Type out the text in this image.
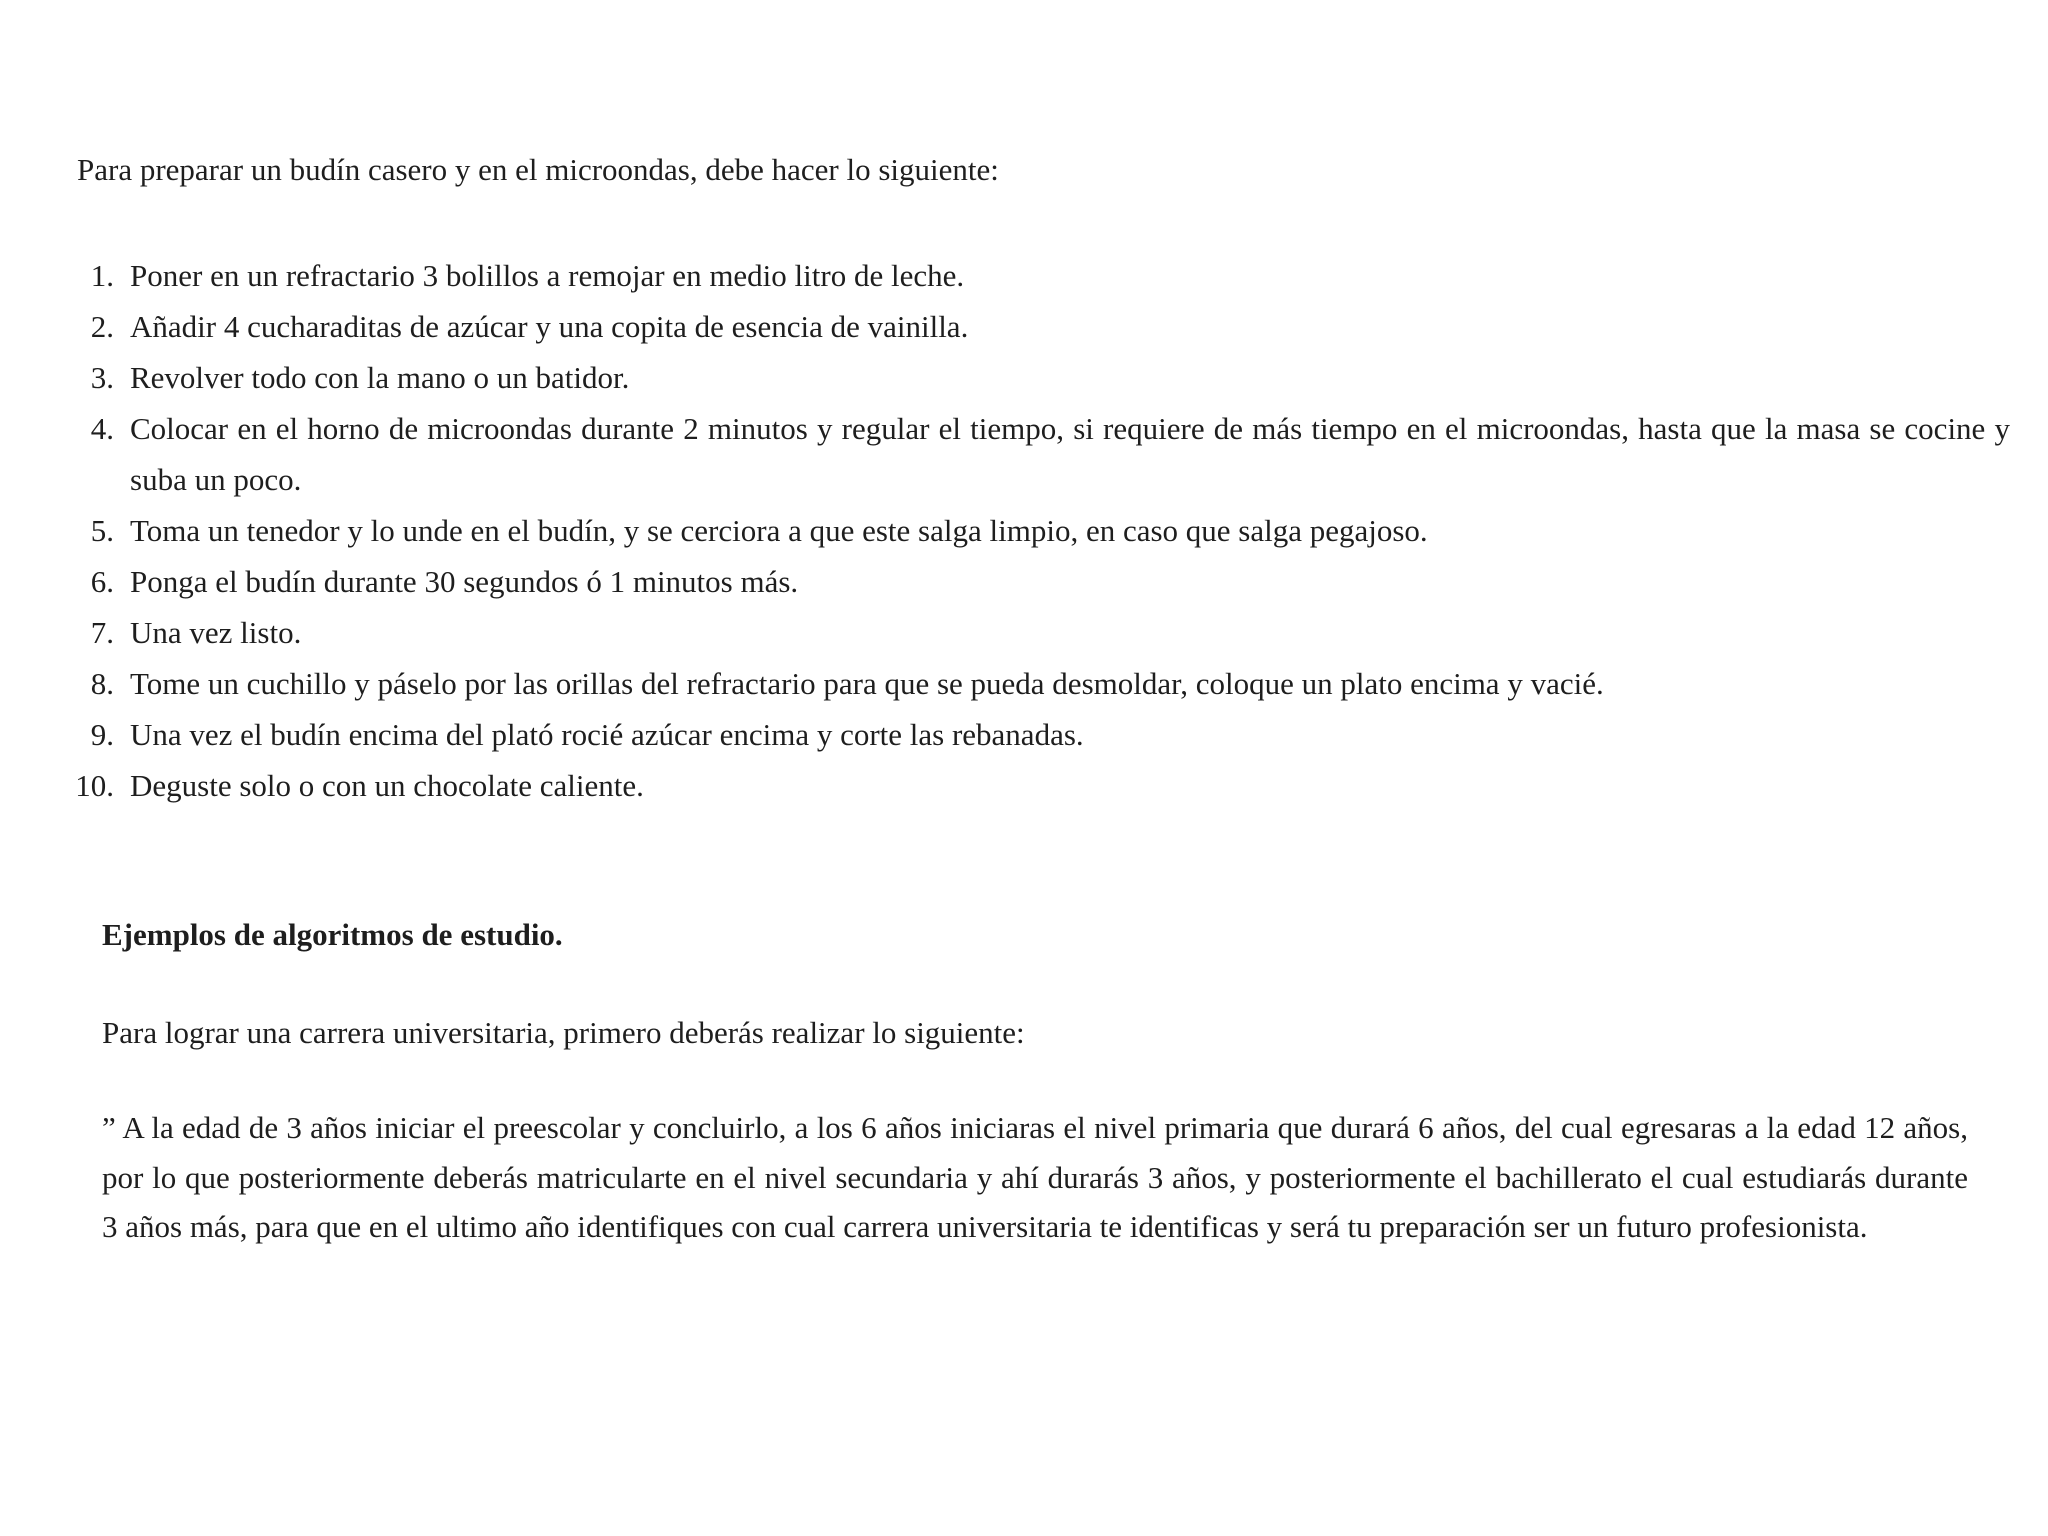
Para preparar un budín casero y en el microondas, debe hacer lo siguiente:

1. Poner en un refractario 3 bolillos a remojar en medio litro de leche.
2. Añadir 4 cucharaditas de azúcar y una copita de esencia de vainilla.
3. Revolver todo con la mano o un batidor.
4. Colocar en el horno de microondas durante 2 minutos y regular el tiempo, si requiere de más tiempo en el microondas, hasta que la masa se cocine y suba un poco.
5. Toma un tenedor y lo unde en el budín, y se cerciora a que este salga limpio, en caso que salga pegajoso.
6. Ponga el budín durante 30 segundos ó 1 minutos más.
7. Una vez listo.
8. Tome un cuchillo y páselo por las orillas del refractario para que se pueda desmoldar, coloque un plato encima y vacié.
9. Una vez el budín encima del plató rocié azúcar encima y corte las rebanadas.
10. Deguste solo o con un chocolate caliente.
Ejemplos de algoritmos de estudio.

Para lograr una carrera universitaria, primero deberás realizar lo siguiente:

” A la edad de 3 años iniciar el preescolar y concluirlo, a los 6 años iniciaras el nivel primaria que durará 6 años, del cual egresaras a la edad 12 años, por lo que posteriormente deberás matricularte en el nivel secundaria y ahí durarás 3 años, y posteriormente el bachillerato el cual estudiarás durante 3 años más, para que en el ultimo año identifiques con cual carrera universitaria te identificas y será tu preparación ser un futuro profesionista.
